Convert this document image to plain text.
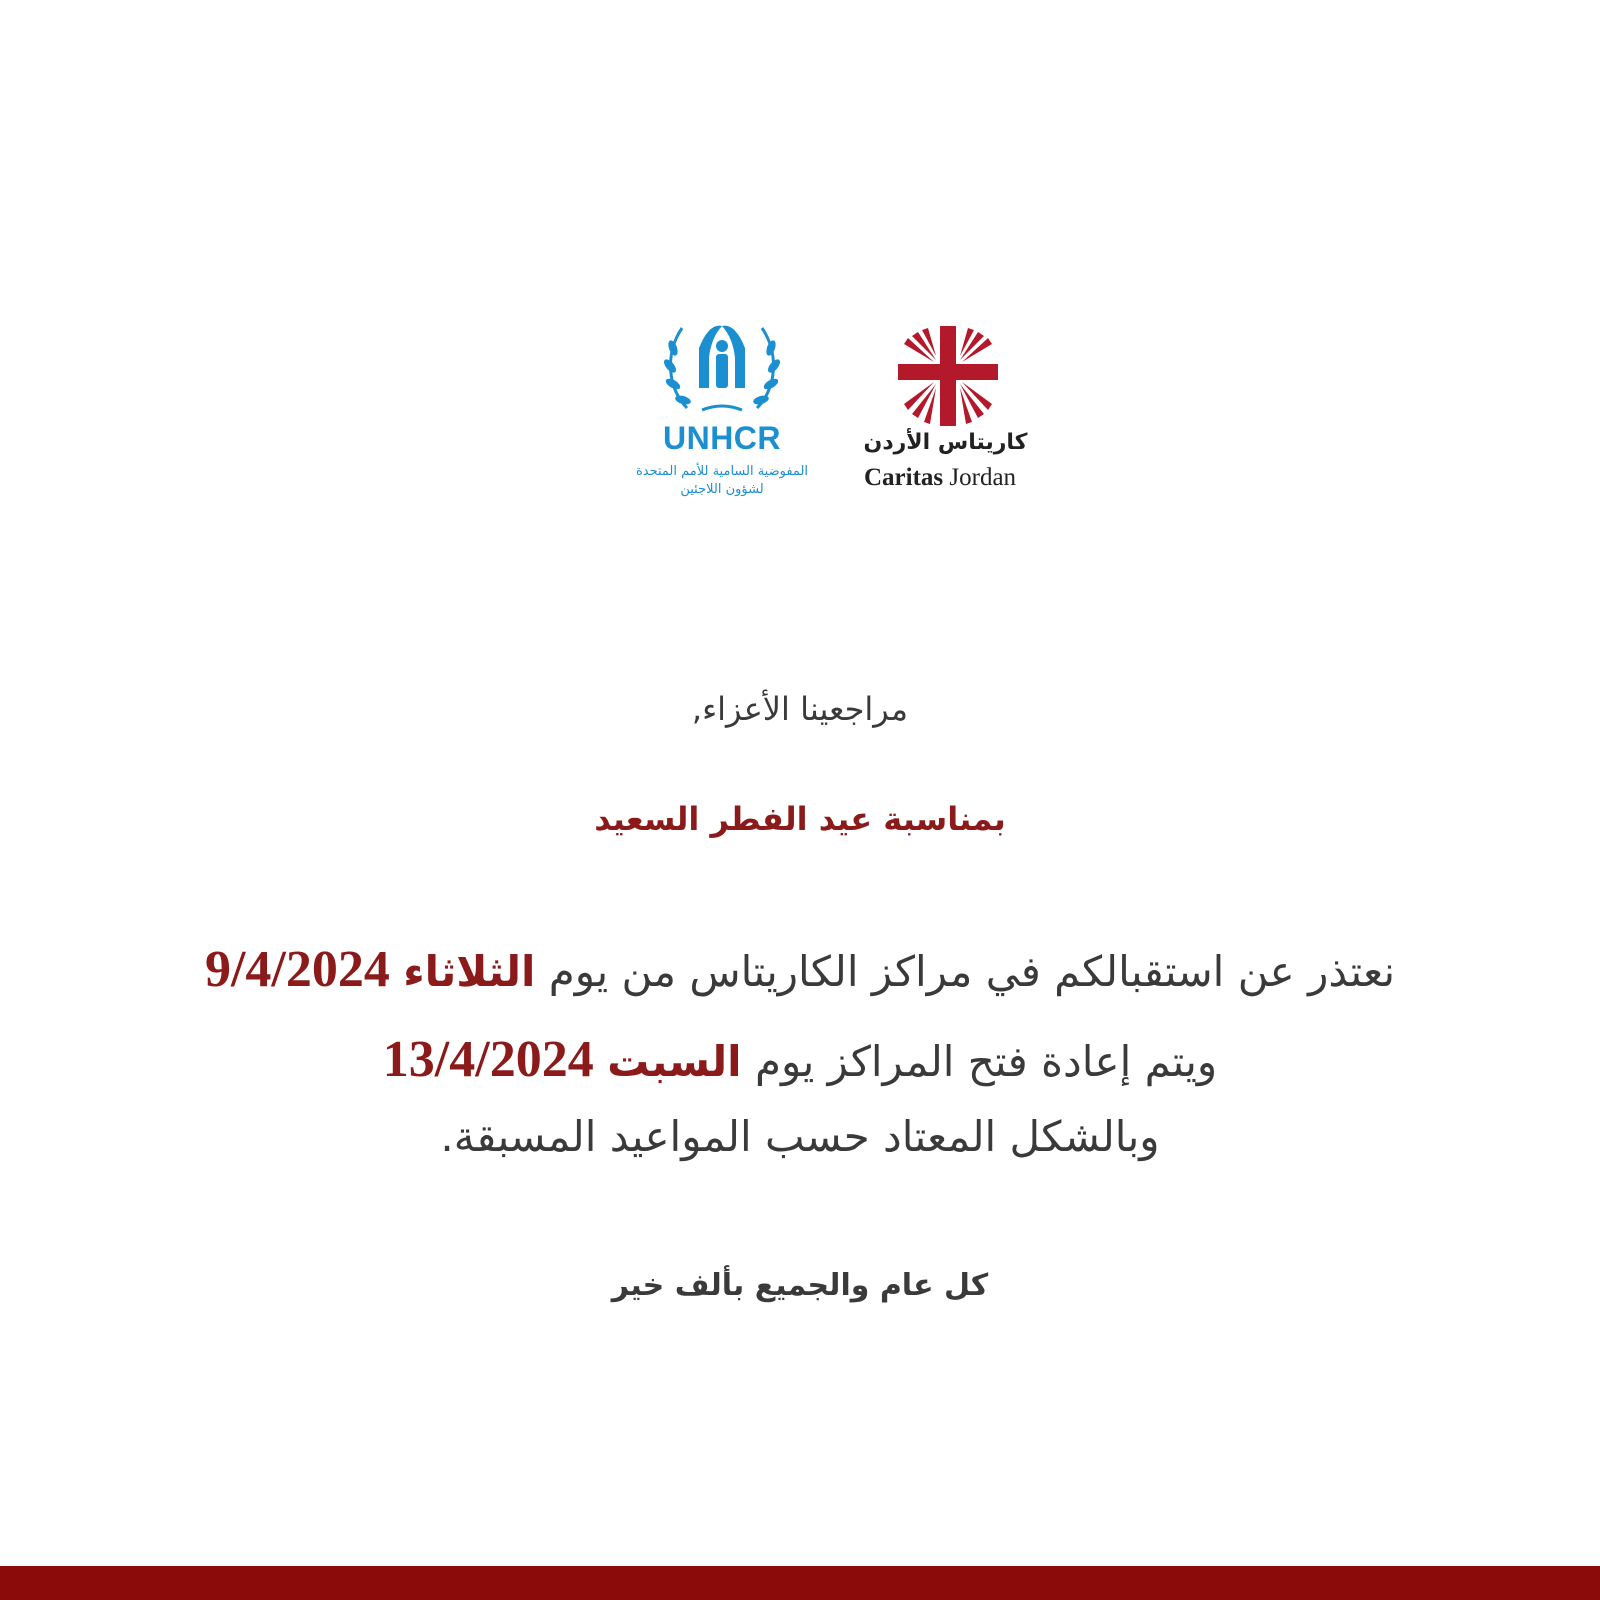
UNHCR
المفوضية السامية للأمم المتحدة
لشؤون اللاجئين
كاريتاس الأردن
Caritas Jordan
مراجعينا الأعزاء,
بمناسبة عيد الفطر السعيد
نعتذر عن استقبالكم في مراكز الكاريتاس من يوم الثلاثاء 9/4/2024
ويتم إعادة فتح المراكز يوم السبت 13/4/2024
وبالشكل المعتاد حسب المواعيد المسبقة.
كل عام والجميع بألف خير
